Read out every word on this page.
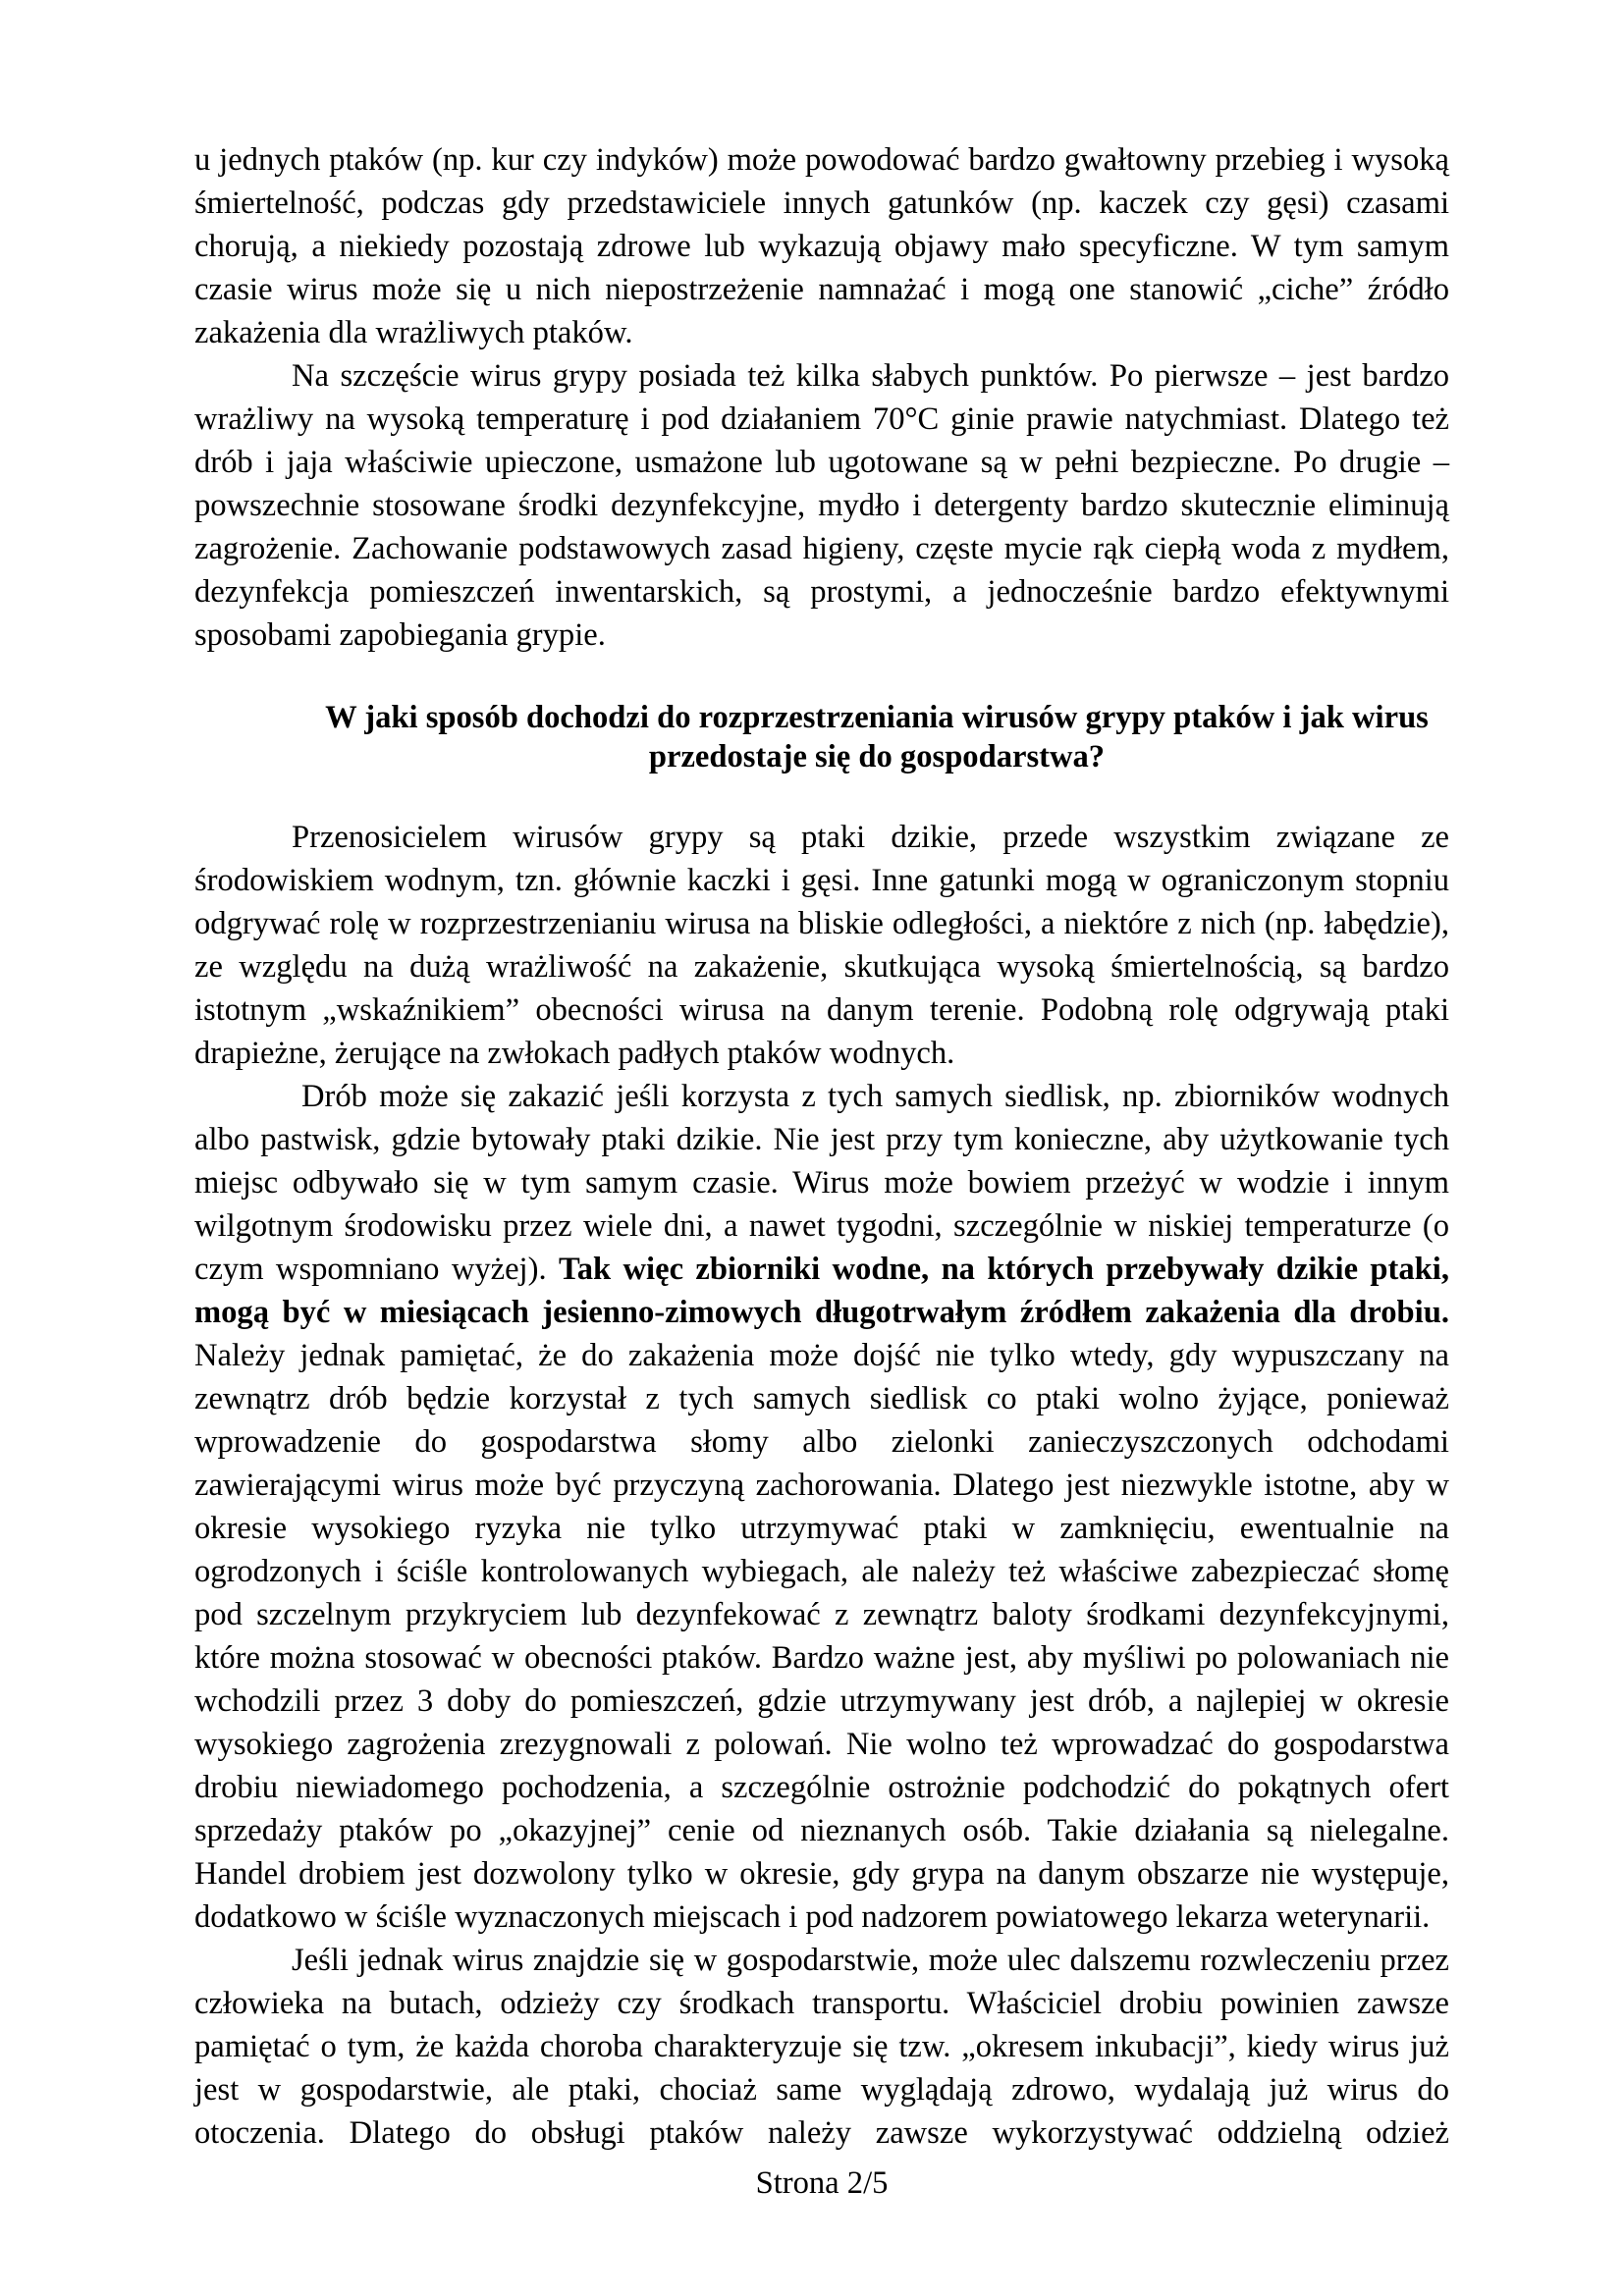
u jednych ptaków (np. kur czy indyków) może powodować bardzo gwałtowny przebieg i wysoką śmiertelność, podczas gdy przedstawiciele innych gatunków (np. kaczek czy gęsi) czasami chorują, a niekiedy pozostają zdrowe lub wykazują objawy mało specyficzne. W tym samym czasie wirus może się u nich niepostrzeżenie namnażać i mogą one stanowić „ciche” źródło zakażenia dla wrażliwych ptaków.

Na szczęście wirus grypy posiada też kilka słabych punktów. Po pierwsze – jest bardzo wrażliwy na wysoką temperaturę i pod działaniem 70°C ginie prawie natychmiast. Dlatego też drób i jaja właściwie upieczone, usmażone lub ugotowane są w pełni bezpieczne. Po drugie – powszechnie stosowane środki dezynfekcyjne, mydło i detergenty bardzo skutecznie eliminują zagrożenie. Zachowanie podstawowych zasad higieny, częste mycie rąk ciepłą woda z mydłem, dezynfekcja pomieszczeń inwentarskich, są prostymi, a jednocześnie bardzo efektywnymi sposobami zapobiegania grypie.

W jaki sposób dochodzi do rozprzestrzeniania wirusów grypy ptaków i jak wirus
przedostaje się do gospodarstwa?

Przenosicielem wirusów grypy są ptaki dzikie, przede wszystkim związane ze środowiskiem wodnym, tzn. głównie kaczki i gęsi. Inne gatunki mogą w ograniczonym stopniu odgrywać rolę w rozprzestrzenianiu wirusa na bliskie odległości, a niektóre z nich (np. łabędzie), ze względu na dużą wrażliwość na zakażenie, skutkująca wysoką śmiertelnością, są bardzo istotnym „wskaźnikiem” obecności wirusa na danym terenie. Podobną rolę odgrywają ptaki drapieżne, żerujące na zwłokach padłych ptaków wodnych.

Drób może się zakazić jeśli korzysta z tych samych siedlisk, np. zbiorników wodnych albo pastwisk, gdzie bytowały ptaki dzikie. Nie jest przy tym konieczne, aby użytkowanie tych miejsc odbywało się w tym samym czasie. Wirus może bowiem przeżyć w wodzie i innym wilgotnym środowisku przez wiele dni, a nawet tygodni, szczególnie w niskiej temperaturze (o czym wspomniano wyżej). Tak więc zbiorniki wodne, na których przebywały dzikie ptaki, mogą być w miesiącach jesienno-zimowych długotrwałym źródłem zakażenia dla drobiu. Należy jednak pamiętać, że do zakażenia może dojść nie tylko wtedy, gdy wypuszczany na zewnątrz drób będzie korzystał z tych samych siedlisk co ptaki wolno żyjące, ponieważ wprowadzenie do gospodarstwa słomy albo zielonki zanieczyszczonych odchodami zawierającymi wirus może być przyczyną zachorowania. Dlatego jest niezwykle istotne, aby w okresie wysokiego ryzyka nie tylko utrzymywać ptaki w zamknięciu, ewentualnie na ogrodzonych i ściśle kontrolowanych wybiegach, ale należy też właściwe zabezpieczać słomę pod szczelnym przykryciem lub dezynfekować z zewnątrz baloty środkami dezynfekcyjnymi, które można stosować w obecności ptaków. Bardzo ważne jest, aby myśliwi po polowaniach nie wchodzili przez 3 doby do pomieszczeń, gdzie utrzymywany jest drób, a najlepiej w okresie wysokiego zagrożenia zrezygnowali z polowań. Nie wolno też wprowadzać do gospodarstwa drobiu niewiadomego pochodzenia, a szczególnie ostrożnie podchodzić do pokątnych ofert sprzedaży ptaków po „okazyjnej” cenie od nieznanych osób. Takie działania są nielegalne. Handel drobiem jest dozwolony tylko w okresie, gdy grypa na danym obszarze nie występuje, dodatkowo w ściśle wyznaczonych miejscach i pod nadzorem powiatowego lekarza weterynarii.

Jeśli jednak wirus znajdzie się w gospodarstwie, może ulec dalszemu rozwleczeniu przez człowieka na butach, odzieży czy środkach transportu. Właściciel drobiu powinien zawsze pamiętać o tym, że każda choroba charakteryzuje się tzw. „okresem inkubacji”, kiedy wirus już jest w gospodarstwie, ale ptaki, chociaż same wyglądają zdrowo, wydalają już wirus do otoczenia. Dlatego do obsługi ptaków należy zawsze wykorzystywać oddzielną odzież

Strona 2/5
